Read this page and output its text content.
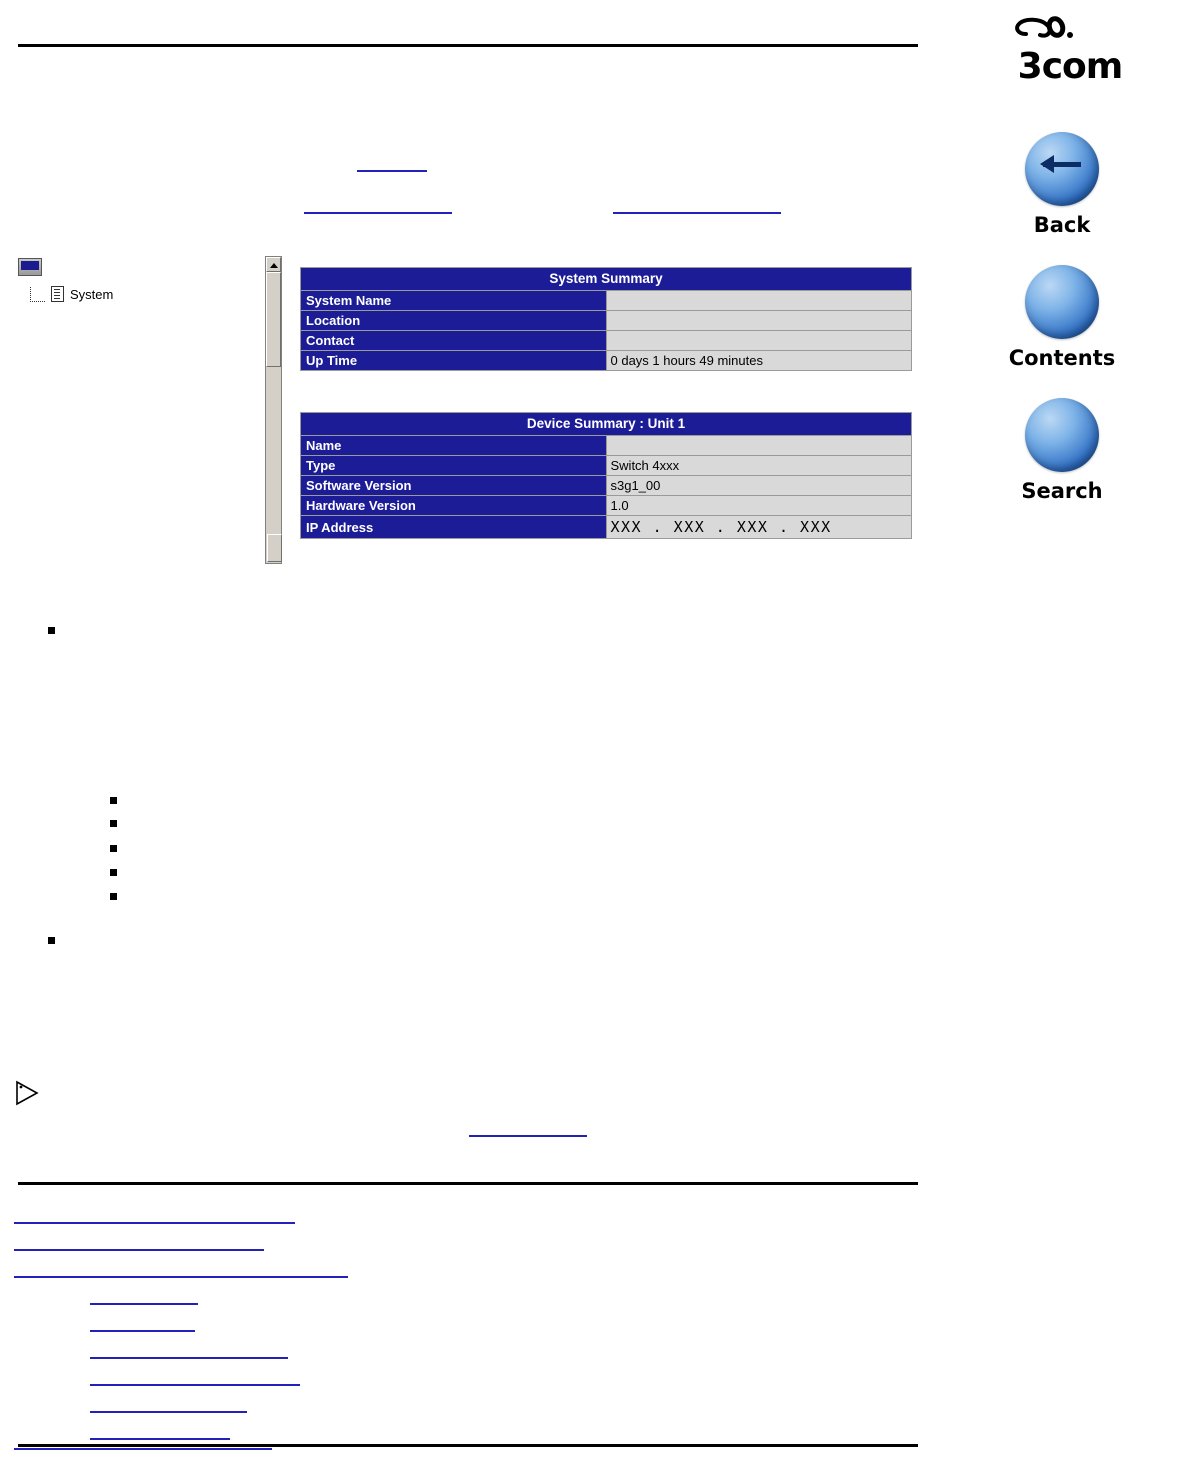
3com
Back
Contents
Search
System
System Summary	
System Name	
Location	
Contact	
Up Time	0 days 1 hours 49 minutes
Device Summary : Unit 1	
Name	
Type	Switch 4xxx
Software Version	s3g1_00
Hardware Version	1.0
IP Address	XXX . XXX . XXX . XXX
